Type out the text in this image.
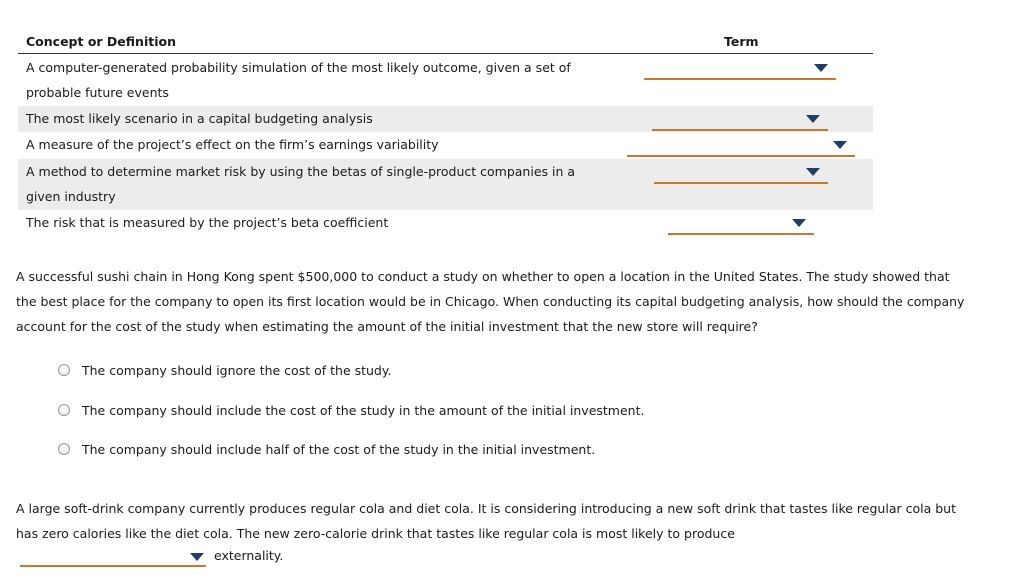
Concept or Definition	Term
A computer-generated probability simulation of the most likely outcome, given a set of
probable future events
The most likely scenario in a capital budgeting analysis
A measure of the project’s effect on the firm’s earnings variability
A method to determine market risk by using the betas of single-product companies in a
given industry
The risk that is measured by the project’s beta coefficient
A successful sushi chain in Hong Kong spent $500,000 to conduct a study on whether to open a location in the United States. The study showed that
the best place for the company to open its first location would be in Chicago. When conducting its capital budgeting analysis, how should the company
account for the cost of the study when estimating the amount of the initial investment that the new store will require?
The company should ignore the cost of the study.
The company should include the cost of the study in the amount of the initial investment.
The company should include half of the cost of the study in the initial investment.
A large soft-drink company currently produces regular cola and diet cola. It is considering introducing a new soft drink that tastes like regular cola but
has zero calories like the diet cola. The new zero-calorie drink that tastes like regular cola is most likely to produce
externality.
